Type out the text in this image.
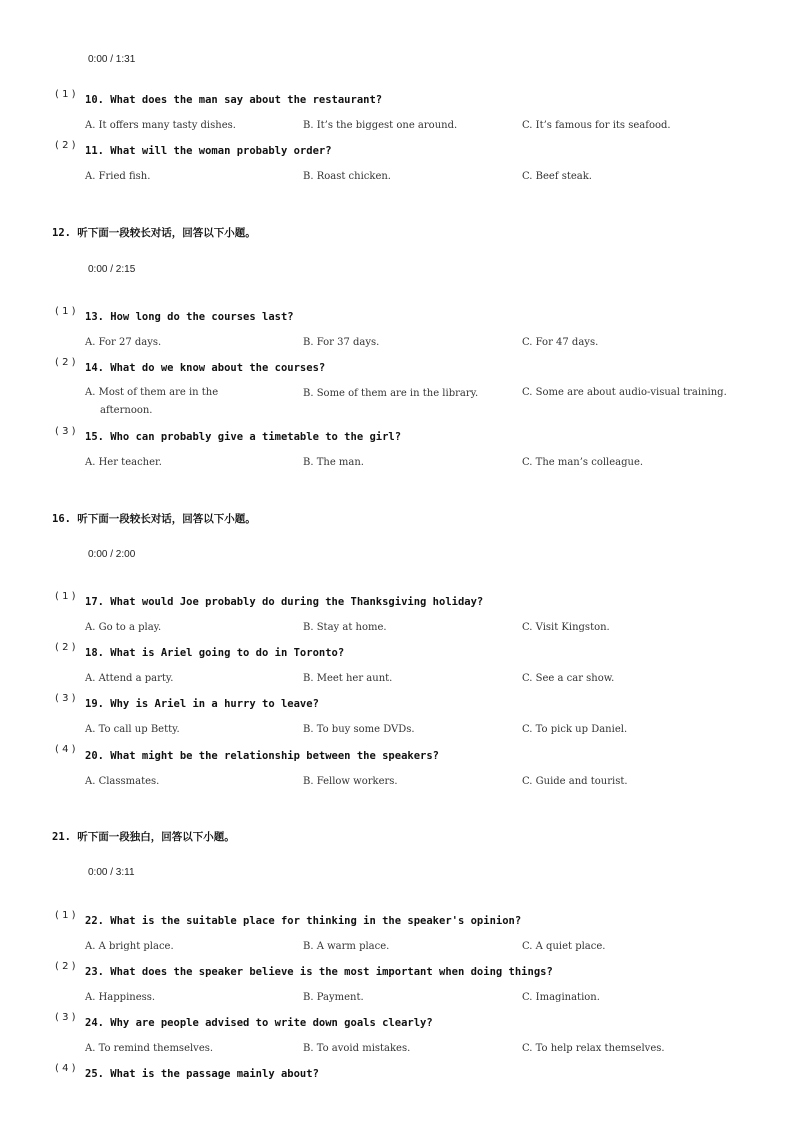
0:00 / 1:31
( 1 ) 10. What does the man say about the restaurant?
A. It offers many tasty dishes.	B. It’s the biggest one around.	C. It’s famous for its seafood.
( 2 ) 11. What will the woman probably order?
A. Fried fish.	B. Roast chicken.	C. Beef steak.
12. 听下面一段较长对话，回答以下小题。
0:00 / 2:15
( 1 ) 13. How long do the courses last?
A. For 27 days.	B. For 37 days.	C. For 47 days.
( 2 ) 14. What do we know about the courses?
A. Most of them are in the afternoon.
B. Some of them are in the library.	C. Some are about audio-visual training.
( 3 ) 15. Who can probably give a timetable to the girl?
A. Her teacher.	B. The man.	C. The man’s colleague.
16. 听下面一段较长对话，回答以下小题。
0:00 / 2:00
( 1 ) 17. What would Joe probably do during the Thanksgiving holiday?
A. Go to a play.	B. Stay at home.	C. Visit Kingston.
( 2 ) 18. What is Ariel going to do in Toronto?
A. Attend a party.	B. Meet her aunt.	C. See a car show.
( 3 ) 19. Why is Ariel in a hurry to leave?
A. To call up Betty.	B. To buy some DVDs.	C. To pick up Daniel.
( 4 )
20. What might be the relationship between the speakers?
A. Classmates.	B. Fellow workers.	C. Guide and tourist.
21. 听下面一段独白，回答以下小题。
0:00 / 3:11
( 1 ) 22. What is the suitable place for thinking in the speaker's opinion?
A. A bright place.	B. A warm place.	C. A quiet place.
( 2 ) 23. What does the speaker believe is the most important when doing things?
A. Happiness.	B. Payment.	C. Imagination.
( 3 ) 24. Why are people advised to write down goals clearly?
A. To remind themselves.	B. To avoid mistakes.	C. To help relax themselves.
( 4 ) 25. What is the passage mainly about?
